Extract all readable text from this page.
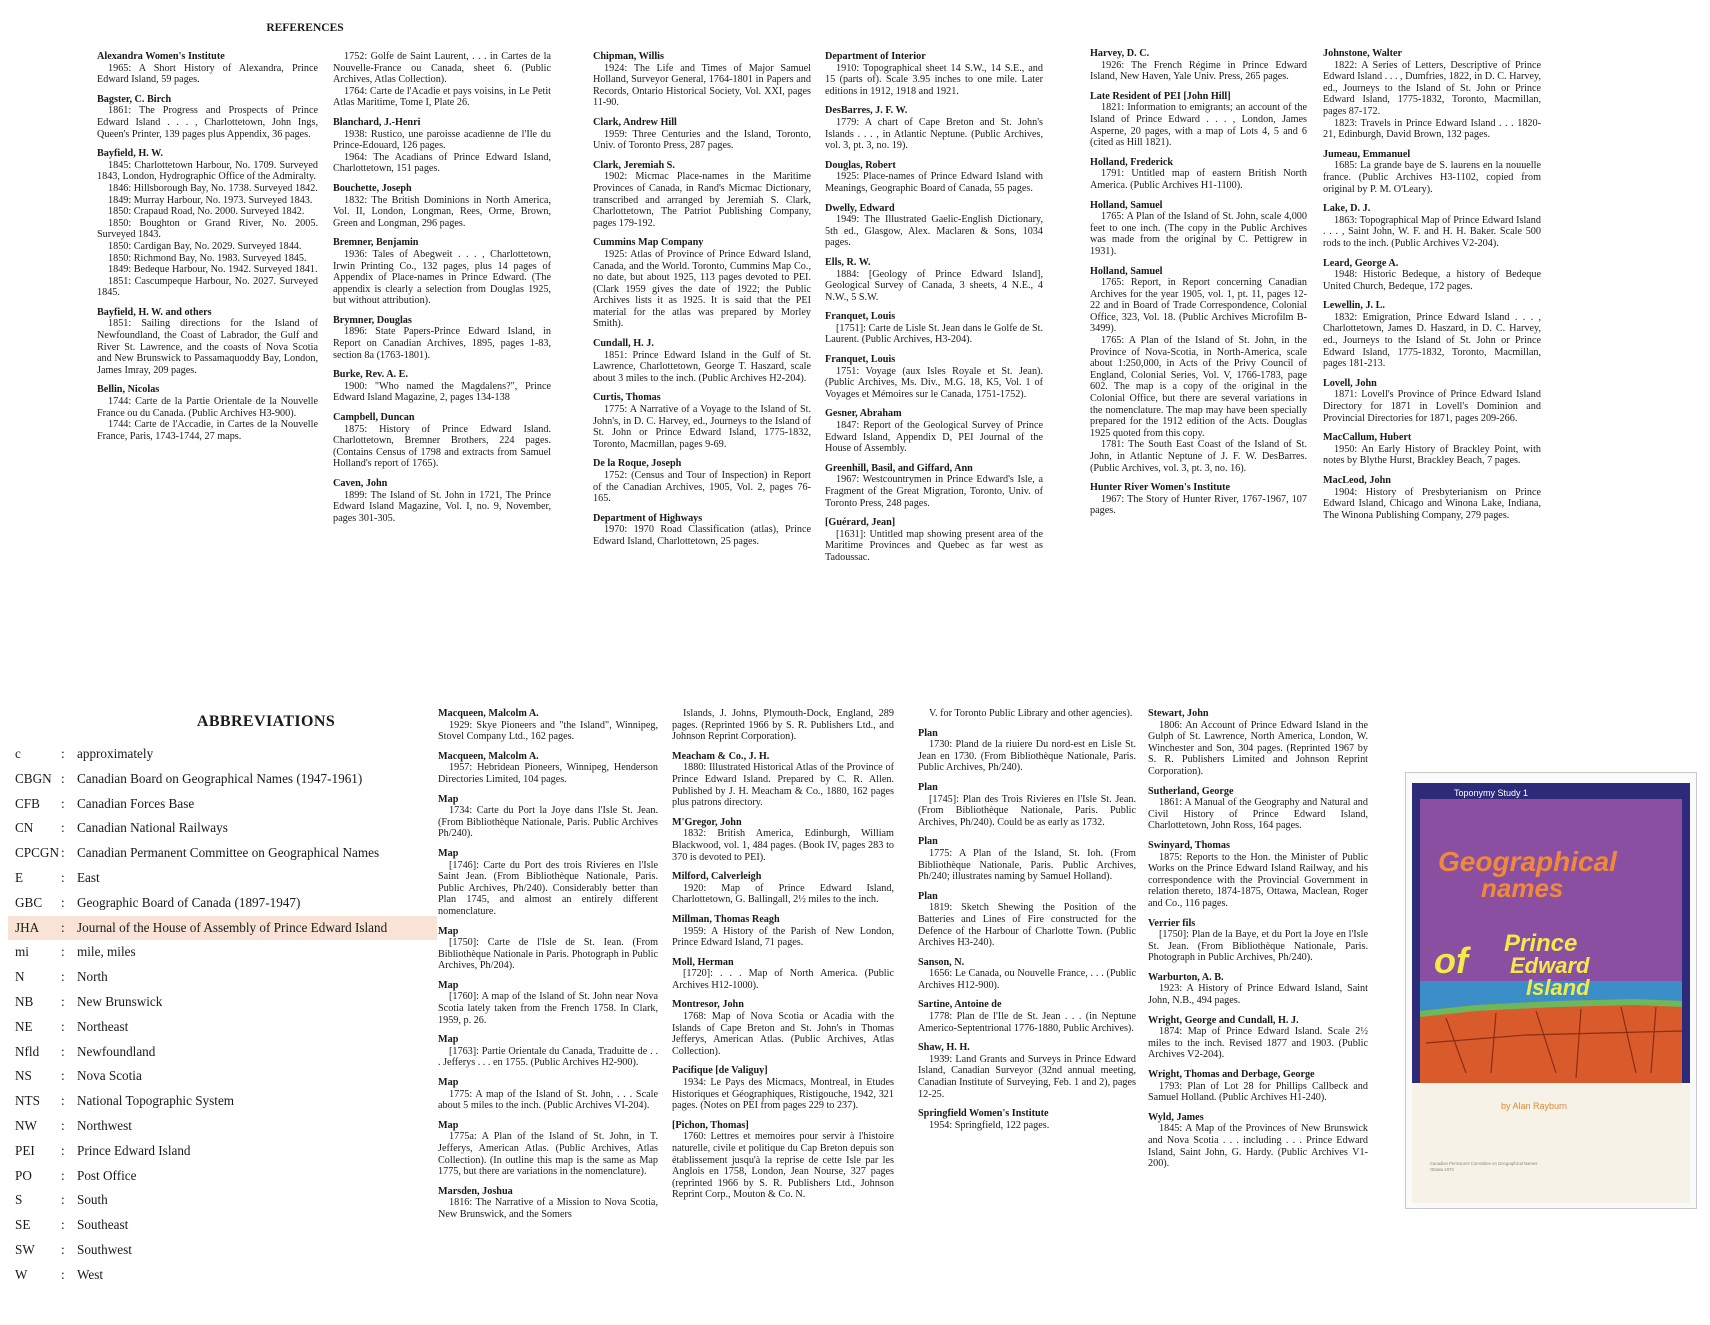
REFERENCES
Alexandra Women's Institute

1965: A Short History of Alexandra, Prince Edward Island, 59 pages.

Bagster, C. Birch

1861: The Progress and Prospects of Prince Edward Island . . . , Charlottetown, John Ings, Queen's Printer, 139 pages plus Appendix, 36 pages.

Bayfield, H. W.

1845: Charlottetown Harbour, No. 1709. Surveyed 1843, London, Hydrographic Office of the Admiralty.

1846: Hillsborough Bay, No. 1738. Surveyed 1842.

1849: Murray Harbour, No. 1973. Surveyed 1843.

1850: Crapaud Road, No. 2000. Surveyed 1842.

1850: Boughton or Grand River, No. 2005. Surveyed 1843.

1850: Cardigan Bay, No. 2029. Surveyed 1844.

1850: Richmond Bay, No. 1983. Surveyed 1845.

1849: Bedeque Harbour, No. 1942. Surveyed 1841.

1851: Cascumpeque Harbour, No. 2027. Surveyed 1845.

Bayfield, H. W. and others

1851: Sailing directions for the Island of Newfoundland, the Coast of Labrador, the Gulf and River St. Lawrence, and the coasts of Nova Scotia and New Brunswick to Passamaquoddy Bay, London, James Imray, 209 pages.

Bellin, Nicolas

1744: Carte de la Partie Orientale de la Nouvelle France ou du Canada. (Public Archives H3-900).

1744: Carte de l'Accadie, in Cartes de la Nouvelle France, Paris, 1743-1744, 27 maps.

1752: Golfe de Saint Laurent, . . . in Cartes de la Nouvelle-France ou Canada, sheet 6. (Public Archives, Atlas Collection).

1764: Carte de l'Acadie et pays voisins, in Le Petit Atlas Maritime, Tome I, Plate 26.

Blanchard, J.-Henri

1938: Rustico, une paroisse acadienne de l'Ile du Prince-Edouard, 126 pages.

1964: The Acadians of Prince Edward Island, Charlottetown, 151 pages.

Bouchette, Joseph

1832: The British Dominions in North America, Vol. II, London, Longman, Rees, Orme, Brown, Green and Longman, 296 pages.

Bremner, Benjamin

1936: Tales of Abegweit . . . , Charlottetown, Irwin Printing Co., 132 pages, plus 14 pages of Appendix of Place-names in Prince Edward. (The appendix is clearly a selection from Douglas 1925, but without attribution).

Brymner, Douglas

1896: State Papers-Prince Edward Island, in Report on Canadian Archives, 1895, pages 1-83, section 8a (1763-1801).

Burke, Rev. A. E.

1900: "Who named the Magdalens?", Prince Edward Island Magazine, 2, pages 134-138

Campbell, Duncan

1875: History of Prince Edward Island. Charlottetown, Bremner Brothers, 224 pages. (Contains Census of 1798 and extracts from Samuel Holland's report of 1765).

Caven, John

1899: The Island of St. John in 1721, The Prince Edward Island Magazine, Vol. I, no. 9, November, pages 301-305.

Chipman, Willis

1924: The Life and Times of Major Samuel Holland, Surveyor General, 1764-1801 in Papers and Records, Ontario Historical Society, Vol. XXI, pages 11-90.

Clark, Andrew Hill

1959: Three Centuries and the Island, Toronto, Univ. of Toronto Press, 287 pages.

Clark, Jeremiah S.

1902: Micmac Place-names in the Maritime Provinces of Canada, in Rand's Micmac Dictionary, transcribed and arranged by Jeremiah S. Clark, Charlottetown, The Patriot Publishing Company, pages 179-192.

Cummins Map Company

1925: Atlas of Province of Prince Edward Island, Canada, and the World. Toronto, Cummins Map Co., no date, but about 1925, 113 pages devoted to PEI. (Clark 1959 gives the date of 1922; the Public Archives lists it as 1925. It is said that the PEI material for the atlas was prepared by Morley Smith).

Cundall, H. J.

1851: Prince Edward Island in the Gulf of St. Lawrence, Charlottetown, George T. Haszard, scale about 3 miles to the inch. (Public Archives H2-204).

Curtis, Thomas

1775: A Narrative of a Voyage to the Island of St. John's, in D. C. Harvey, ed., Journeys to the Island of St. John or Prince Edward Island, 1775-1832, Toronto, Macmillan, pages 9-69.

De la Roque, Joseph

1752: (Census and Tour of Inspection) in Report of the Canadian Archives, 1905, Vol. 2, pages 76-165.

Department of Highways

1970: 1970 Road Classification (atlas), Prince Edward Island, Charlottetown, 25 pages.

Department of Interior

1910: Topographical sheet 14 S.W., 14 S.E., and 15 (parts of). Scale 3.95 inches to one mile. Later editions in 1912, 1918 and 1921.

DesBarres, J. F. W.

1779: A chart of Cape Breton and St. John's Islands . . . , in Atlantic Neptune. (Public Archives, vol. 3, pt. 3, no. 19).

Douglas, Robert

1925: Place-names of Prince Edward Island with Meanings, Geographic Board of Canada, 55 pages.

Dwelly, Edward

1949: The Illustrated Gaelic-English Dictionary, 5th ed., Glasgow, Alex. Maclaren & Sons, 1034 pages.

Ells, R. W.

1884: [Geology of Prince Edward Island], Geological Survey of Canada, 3 sheets, 4 N.E., 4 N.W., 5 S.W.

Franquet, Louis

[1751]: Carte de Lisle St. Jean dans le Golfe de St. Laurent. (Public Archives, H3-204).

Franquet, Louis

1751: Voyage (aux Isles Royale et St. Jean). (Public Archives, Ms. Div., M.G. 18, K5, Vol. 1 of Voyages et Mémoires sur le Canada, 1751-1752).

Gesner, Abraham

1847: Report of the Geological Survey of Prince Edward Island, Appendix D, PEI Journal of the House of Assembly.

Greenhill, Basil, and Giffard, Ann

1967: Westcountrymen in Prince Edward's Isle, a Fragment of the Great Migration, Toronto, Univ. of Toronto Press, 248 pages.

[Guérard, Jean]

[1631]: Untitled map showing present area of the Maritime Provinces and Quebec as far west as Tadoussac.

Harvey, D. C.

1926: The French Régime in Prince Edward Island, New Haven, Yale Univ. Press, 265 pages.

Late Resident of PEI [John Hill]

1821: Information to emigrants; an account of the Island of Prince Edward . . . , London, James Asperne, 20 pages, with a map of Lots 4, 5 and 6 (cited as Hill 1821).

Holland, Frederick

1791: Untitled map of eastern British North America. (Public Archives H1-1100).

Holland, Samuel

1765: A Plan of the Island of St. John, scale 4,000 feet to one inch. (The copy in the Public Archives was made from the original by C. Pettigrew in 1931).

Holland, Samuel

1765: Report, in Report concerning Canadian Archives for the year 1905, vol. 1, pt. 11, pages 12-22 and in Board of Trade Correspondence, Colonial Office, 323, Vol. 18. (Public Archives Microfilm B-3499).

1765: A Plan of the Island of St. John, in the Province of Nova-Scotia, in North-America, scale about 1:250,000, in Acts of the Privy Council of England, Colonial Series, Vol. V, 1766-1783, page 602. The map is a copy of the original in the Colonial Office, but there are several variations in the nomenclature. The map may have been specially prepared for the 1912 edition of the Acts. Douglas 1925 quoted from this copy.

1781: The South East Coast of the Island of St. John, in Atlantic Neptune of J. F. W. DesBarres. (Public Archives, vol. 3, pt. 3, no. 16).

Hunter River Women's Institute

1967: The Story of Hunter River, 1767-1967, 107 pages.

Johnstone, Walter

1822: A Series of Letters, Descriptive of Prince Edward Island . . . , Dumfries, 1822, in D. C. Harvey, ed., Journeys to the Island of St. John or Prince Edward Island, 1775-1832, Toronto, Macmillan, pages 87-172.

1823: Travels in Prince Edward Island . . . 1820-21, Edinburgh, David Brown, 132 pages.

Jumeau, Emmanuel

1685: La grande baye de S. laurens en la nouuelle france. (Public Archives H3-1102, copied from original by P. M. O'Leary).

Lake, D. J.

1863: Topographical Map of Prince Edward Island . . . , Saint John, W. F. and H. H. Baker. Scale 500 rods to the inch. (Public Archives V2-204).

Leard, George A.

1948: Historic Bedeque, a history of Bedeque United Church, Bedeque, 172 pages.

Lewellin, J. L.

1832: Emigration, Prince Edward Island . . . , Charlottetown, James D. Haszard, in D. C. Harvey, ed., Journeys to the Island of St. John or Prince Edward Island, 1775-1832, Toronto, Macmillan, pages 181-213.

Lovell, John

1871: Lovell's Province of Prince Edward Island Directory for 1871 in Lovell's Dominion and Provincial Directories for 1871, pages 209-266.

MacCallum, Hubert

1950: An Early History of Brackley Point, with notes by Blythe Hurst, Brackley Beach, 7 pages.

MacLeod, John

1904: History of Presbyterianism on Prince Edward Island, Chicago and Winona Lake, Indiana, The Winona Publishing Company, 279 pages.

ABBREVIATIONS
c	: approximately
CBGN : Canadian Board on Geographical Names (1947-1961)
CFB : Canadian Forces Base
CN : Canadian National Railways
CPCGN : Canadian Permanent Committee on Geographical Names
E	: East
GBC : Geographic Board of Canada (1897-1947)
JHA : Journal of the House of Assembly of Prince Edward Island
mi : mile, miles
N	: North
NB : New Brunswick
NE : Northeast
Nfld : Newfoundland
NS : Nova Scotia
NTS : National Topographic System
NW : Northwest
PEI : Prince Edward Island
PO : Post Office
S	: South
SE : Southeast
SW : Southwest
W	: West
Macqueen, Malcolm A.

1929: Skye Pioneers and "the Island", Winnipeg, Stovel Company Ltd., 162 pages.

Macqueen, Malcolm A.

1957: Hebridean Pioneers, Winnipeg, Henderson Directories Limited, 104 pages.

Map

1734: Carte du Port la Joye dans l'Isle St. Jean. (From Bibliothèque Nationale, Paris. Public Archives Ph/240).

Map

[1746]: Carte du Port des trois Rivieres en l'Isle Saint Jean. (From Bibliothèque Nationale, Paris. Public Archives, Ph/240). Considerably better than Plan 1745, and almost an entirely different nomenclature.

Map

[1750]: Carte de l'Isle de St. Iean. (From Bibliothèque Nationale in Paris. Photograph in Public Archives, Ph/204).

Map

[1760]: A map of the Island of St. John near Nova Scotia lately taken from the French 1758. In Clark, 1959, p. 26.

Map

[1763]: Partie Orientale du Canada, Traduitte de . . . Jefferys . . . en 1755. (Public Archives H2-900).

Map

1775: A map of the Island of St. John, . . . Scale about 5 miles to the inch. (Public Archives VI-204).

Map

1775a: A Plan of the Island of St. John, in T. Jefferys, American Atlas. (Public Archives, Atlas Collection). (In outline this map is the same as Map 1775, but there are variations in the nomenclature).

Marsden, Joshua

1816: The Narrative of a Mission to Nova Scotia, New Brunswick, and the Somers

Islands, J. Johns, Plymouth-Dock, England, 289 pages. (Reprinted 1966 by S. R. Publishers Ltd., and Johnson Reprint Corporation).

Meacham & Co., J. H.

1880: Illustrated Historical Atlas of the Province of Prince Edward Island. Prepared by C. R. Allen. Published by J. H. Meacham & Co., 1880, 162 pages plus patrons directory.

M'Gregor, John

1832: British America, Edinburgh, William Blackwood, vol. 1, 484 pages. (Book IV, pages 283 to 370 is devoted to PEI).

Milford, Calverleigh

1920: Map of Prince Edward Island, Charlottetown, G. Ballingall, 2½ miles to the inch.

Millman, Thomas Reagh

1959: A History of the Parish of New London, Prince Edward Island, 71 pages.

Moll, Herman

[1720]: . . . Map of North America. (Public Archives H12-1000).

Montresor, John

1768: Map of Nova Scotia or Acadia with the Islands of Cape Breton and St. John's in Thomas Jefferys, American Atlas. (Public Archives, Atlas Collection).

Pacifique [de Valiguy]

1934: Le Pays des Micmacs, Montreal, in Etudes Historiques et Géographiques, Ristigouche, 1942, 321 pages. (Notes on PEI from pages 229 to 237).

[Pichon, Thomas]

1760: Lettres et memoires pour servir à l'histoire naturelle, civile et politique du Cap Breton depuis son établissement jusqu'à la reprise de cette Isle par les Anglois en 1758, London, Jean Nourse, 327 pages (reprinted 1966 by S. R. Publishers Ltd., Johnson Reprint Corp., Mouton & Co. N.

V. for Toronto Public Library and other agencies).

Plan

1730: Pland de la riuiere Du nord-est en Lisle St. Jean en 1730. (From Bibliothèque Nationale, Paris. Public Archives, Ph/240).

Plan

[1745]: Plan des Trois Rivieres en l'Isle St. Jean. (From Bibliothèque Nationale, Paris. Public Archives, Ph/240). Could be as early as 1732.

Plan

1775: A Plan of the Island, St. Ioh. (From Bibliothèque Nationale, Paris. Public Archives, Ph/240; illustrates naming by Samuel Holland).

Plan

1819: Sketch Shewing the Position of the Batteries and Lines of Fire constructed for the Defence of the Harbour of Charlotte Town. (Public Archives H3-240).

Sanson, N.

1656: Le Canada, ou Nouvelle France, . . . (Public Archives H12-900).

Sartine, Antoine de

1778: Plan de l'Ile de St. Jean . . . (in Neptune Americo-Septentrional 1776-1880, Public Archives).

Shaw, H. H.

1939: Land Grants and Surveys in Prince Edward Island, Canadian Surveyor (32nd annual meeting, Canadian Institute of Surveying, Feb. 1 and 2), pages 12-25.

Springfield Women's Institute

1954: Springfield, 122 pages.

Stewart, John

1806: An Account of Prince Edward Island in the Gulph of St. Lawrence, North America, London, W. Winchester and Son, 304 pages. (Reprinted 1967 by S. R. Publishers Limited and Johnson Reprint Corporation).

Sutherland, George

1861: A Manual of the Geography and Natural and Civil History of Prince Edward Island, Charlottetown, John Ross, 164 pages.

Swinyard, Thomas

1875: Reports to the Hon. the Minister of Public Works on the Prince Edward Island Railway, and his correspondence with the Provincial Government in relation thereto, 1874-1875, Ottawa, Maclean, Roger and Co., 116 pages.

Verrier fils

[1750]: Plan de la Baye, et du Port la Joye en l'Isle St. Jean. (From Bibliothèque Nationale, Paris. Photograph in Public Archives, Ph/240).

Warburton, A. B.

1923: A History of Prince Edward Island, Saint John, N.B., 494 pages.

Wright, George and Cundall, H. J.

1874: Map of Prince Edward Island. Scale 2½ miles to the inch. Revised 1877 and 1903. (Public Archives V2-204).

Wright, Thomas and Derbage, George

1793: Plan of Lot 28 for Phillips Callbeck and Samuel Holland. (Public Archives H1-240).

Wyld, James

1845: A Map of the Provinces of New Brunswick and Nova Scotia . . . including . . . Prince Edward Island, Saint John, G. Hardy. (Public Archives V1-200).

Toponymy Study 1
Geographical
names
of Prince
Edward
Island
by Alan Rayburn
Canadian Permanent Committee on Geographical Names
Ottawa 1973
